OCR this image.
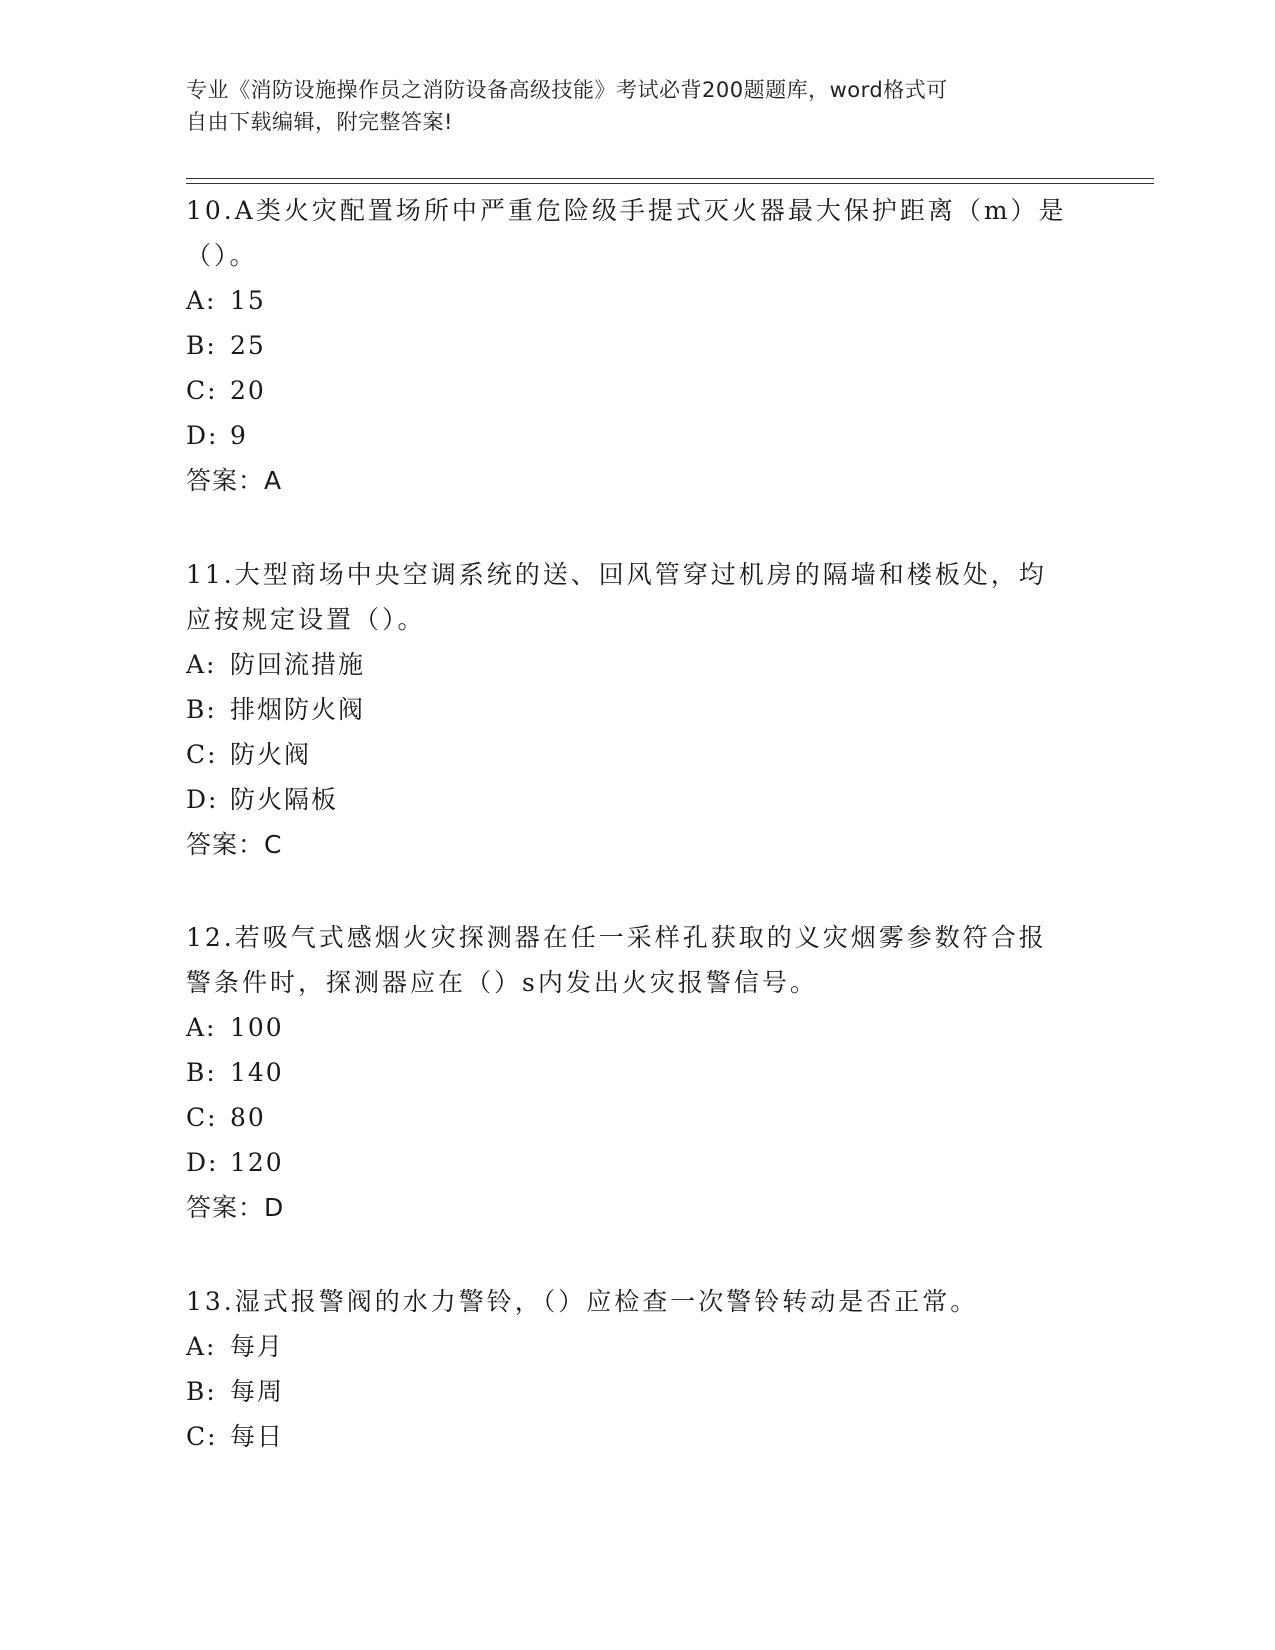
专业《消防设施操作员之消防设备高级技能》考试必背200题题库，word格式可

自由下载编辑，附完整答案!

10.A类火灾配置场所中严重危险级手提式灭火器最大保护距离（m）是

（）。

A: 15

B: 25

C: 20

D: 9

答案：A

11.大型商场中央空调系统的送、回风管穿过机房的隔墙和楼板处，均

应按规定设置（）。

A: 防回流措施

B: 排烟防火阀

C: 防火阀

D: 防火隔板

答案：C

12.若吸气式感烟火灾探测器在任一采样孔获取的义灾烟雾参数符合报

警条件时，探测器应在（）s内发出火灾报警信号。

A: 100

B: 140

C: 80

D: 120

答案：D

13.湿式报警阀的水力警铃，（）应检查一次警铃转动是否正常。

A: 每月

B: 每周

C: 每日
